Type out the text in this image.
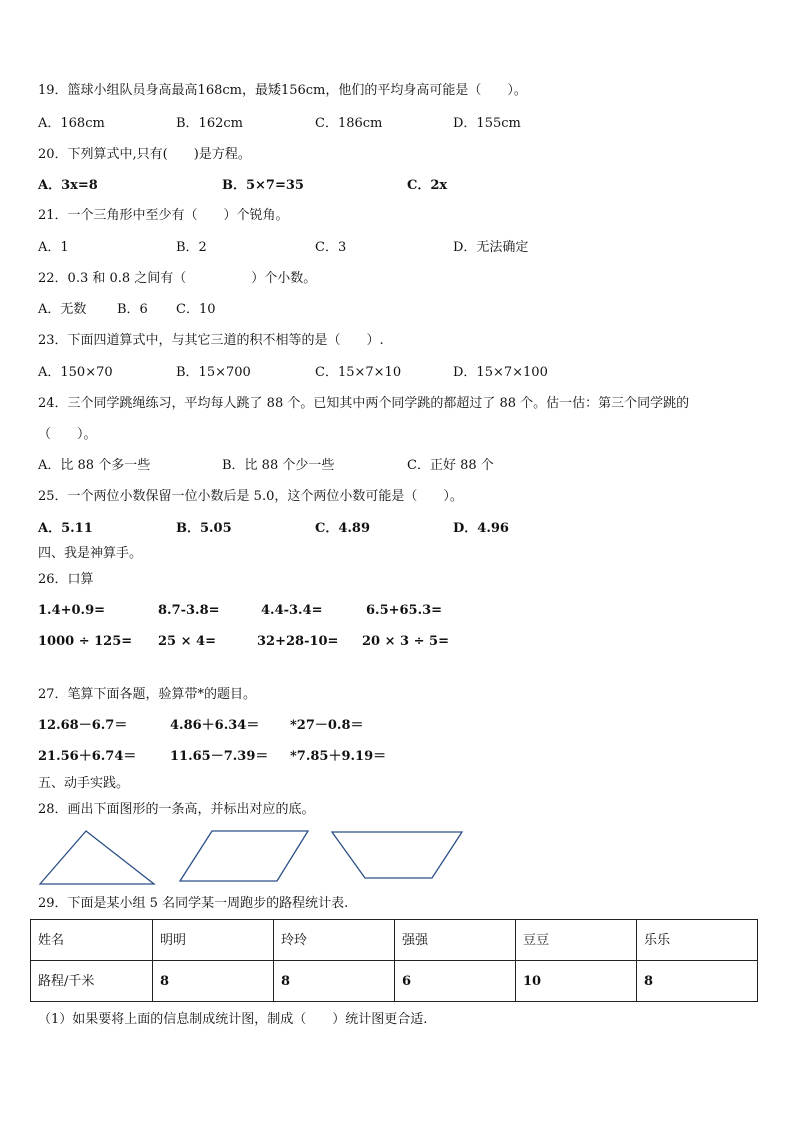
19．篮球小组队员身高最高168cm，最矮156cm，他们的平均身高可能是（　　）。
A．168cm	B．162cm	C．186cm	D．155cm
20．下列算式中,只有(　　)是方程。
A．3x=8	B．5×7=35	C．2x
21．一个三角形中至少有（　　）个锐角。
A．1	B．2	C．3	D．无法确定
22．0.3 和 0.8 之间有（　　　　　）个小数。
A．无数 B．6 C．10
23．下面四道算式中，与其它三道的积不相等的是（　　）.
A．150×70	B．15×700	C．15×7×10	D．15×7×100
24．三个同学跳绳练习，平均每人跳了 88 个。已知其中两个同学跳的都超过了 88 个。估一估：第三个同学跳的
（　　）。
A．比 88 个多一些	B．比 88 个少一些	C．正好 88 个
25．一个两位小数保留一位小数后是 5.0，这个两位小数可能是（　　）。
A．5.11	B．5.05	C．4.89	D．4.96
四、我是神算手。
26．口算
1.4+0.9=	8.7-3.8=	4.4-3.4=	6.5+65.3=
1000 ÷ 125= 25 × 4=	32+28-10= 20 × 3 ÷ 5=
27．笔算下面各题，验算带*的题目。
12.68－6.7＝	4.86＋6.34＝ *27－0.8＝
21.56＋6.74＝	11.65－7.39＝ *7.85＋9.19＝
五、动手实践。
28．画出下面图形的一条高，并标出对应的底。
29．下面是某小组 5 名同学某一周跑步的路程统计表.
姓名	明明	玲玲	强强	豆豆	乐乐
路程/千米	8	8	6	10	8
（1）如果要将上面的信息制成统计图，制成（　　）统计图更合适.
